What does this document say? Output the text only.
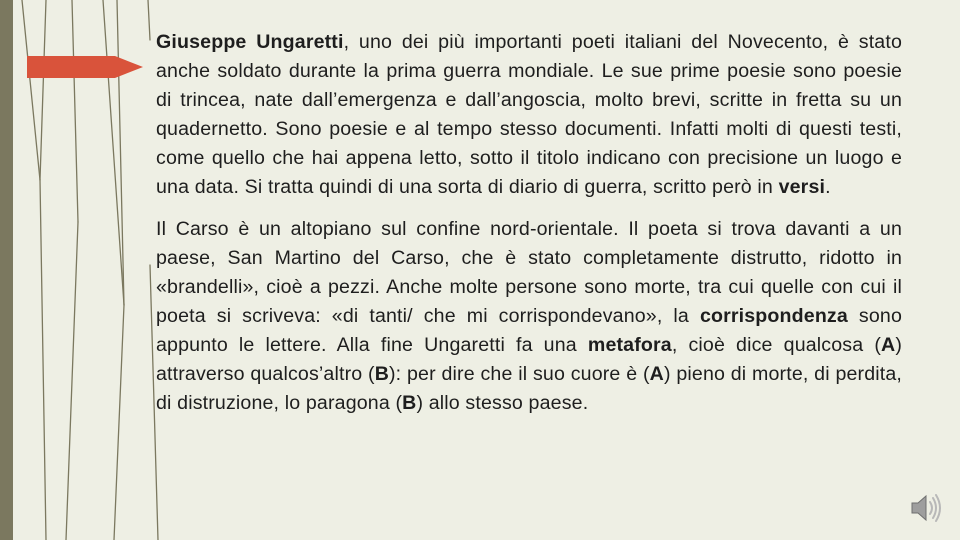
Giuseppe Ungaretti, uno dei più importanti poeti italiani del Novecento, è stato anche soldato durante la prima guerra mondiale. Le sue prime poesie sono poesie di trincea, nate dall’emergenza e dall’angoscia, molto brevi, scritte in fretta su un quadernetto. Sono poesie e al tempo stesso documenti. Infatti molti di questi testi, come quello che hai appena letto, sotto il titolo indicano con precisione un luogo e una data. Si tratta quindi di una sorta di diario di guerra, scritto però in versi.

Il Carso è un altopiano sul confine nord-orientale. Il poeta si trova davanti a un paese, San Martino del Carso, che è stato completamente distrutto, ridotto in «brandelli», cioè a pezzi. Anche molte persone sono morte, tra cui quelle con cui il poeta si scriveva: «di tanti/ che mi corrispondevano», la corrispondenza sono appunto le lettere. Alla fine Ungaretti fa una metafora, cioè dice qualcosa (A) attraverso qualcos’altro (B): per dire che il suo cuore è (A) pieno di morte, di perdita, di distruzione, lo paragona (B) allo stesso paese.
